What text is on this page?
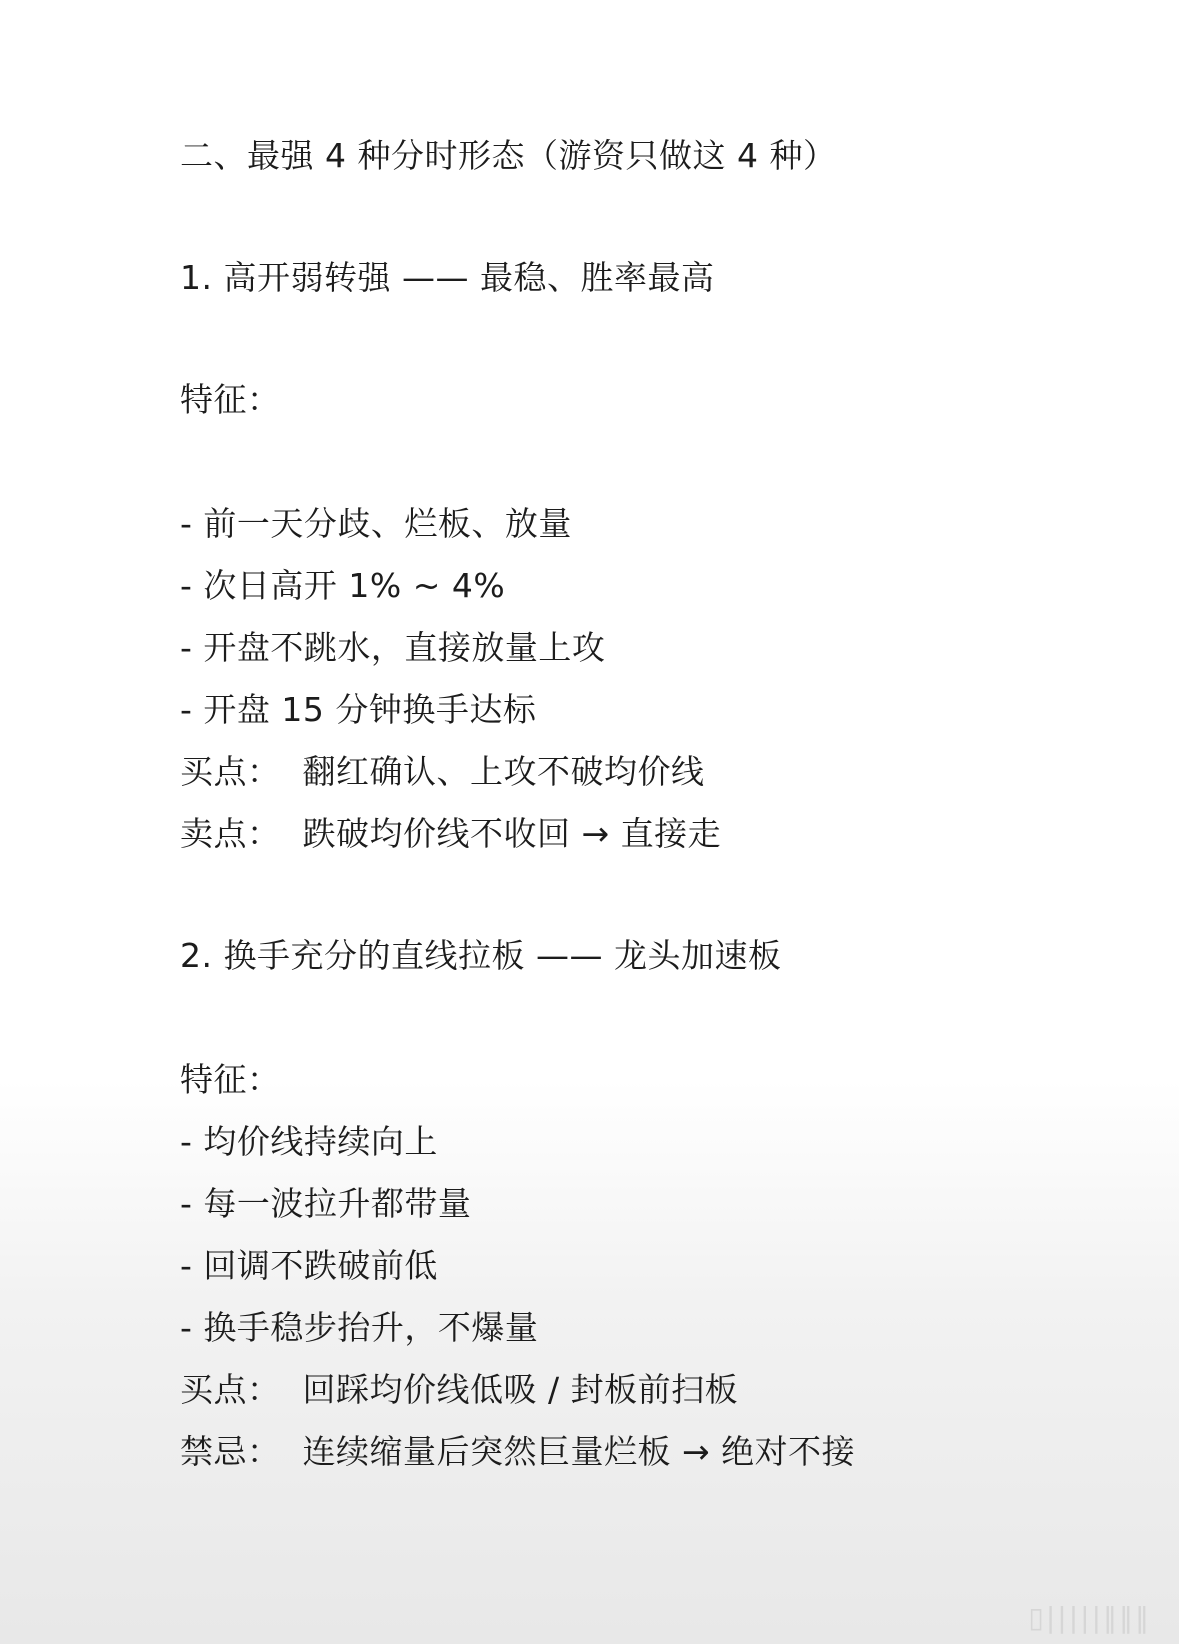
二、最强 4 种分时形态（游资只做这 4 种）
1. 高开弱转强 —— 最稳、胜率最高
特征：
- 前一天分歧、烂板、放量
- 次日高开 1% ~ 4%
- 开盘不跳水，直接放量上攻
- 开盘 15 分钟换手达标
买点：  翻红确认、上攻不破均价线
卖点：  跌破均价线不收回 → 直接走
2. 换手充分的直线拉板 —— 龙头加速板
特征：
- 均价线持续向上
- 每一波拉升都带量
- 回调不跌破前低
- 换手稳步抬升，不爆量
买点：  回踩均价线低吸 / 封板前扫板
禁忌：  连续缩量后突然巨量烂板 → 绝对不接
▯|||||‖‖‖
